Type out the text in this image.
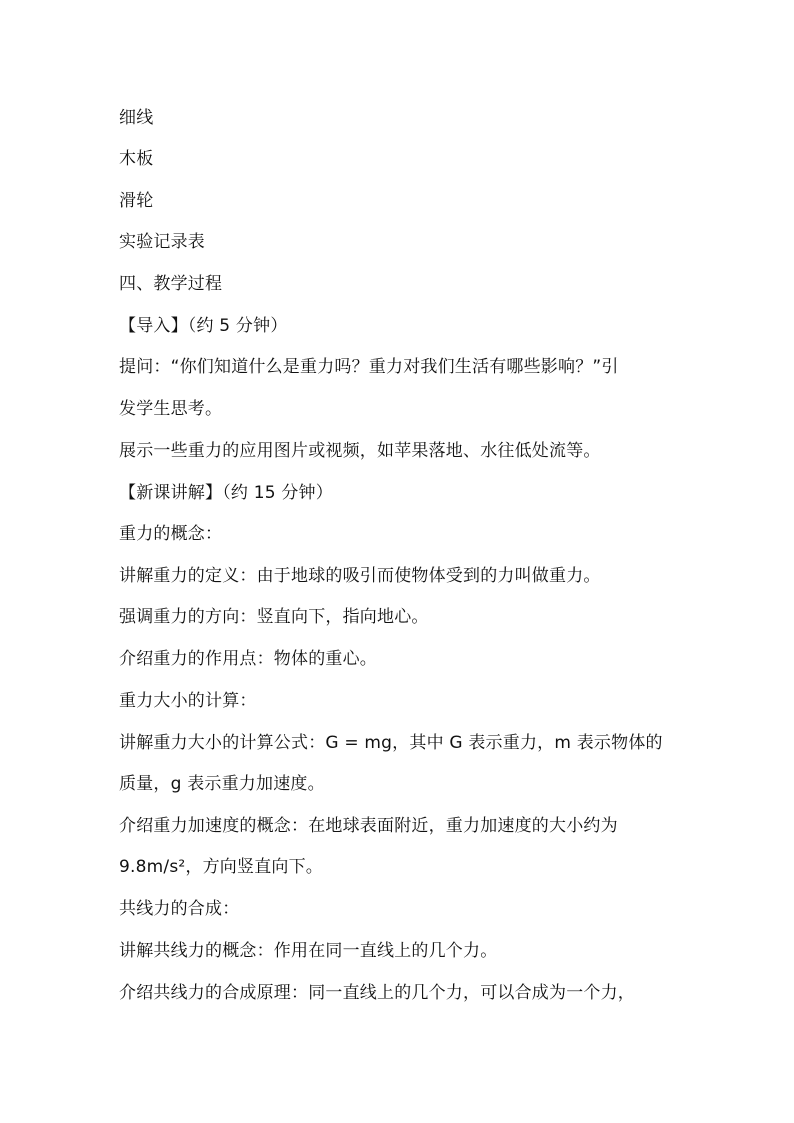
细线
木板
滑轮
实验记录表
四、教学过程
【导入】（约 5 分钟）
提问：“你们知道什么是重力吗？重力对我们生活有哪些影响？”引
发学生思考。
展示一些重力的应用图片或视频，如苹果落地、水往低处流等。
【新课讲解】（约 15 分钟）
重力的概念：
讲解重力的定义：由于地球的吸引而使物体受到的力叫做重力。
强调重力的方向：竖直向下，指向地心。
介绍重力的作用点：物体的重心。
重力大小的计算：
讲解重力大小的计算公式：G = mg，其中 G 表示重力，m 表示物体的
质量，g 表示重力加速度。
介绍重力加速度的概念：在地球表面附近，重力加速度的大小约为
9.8m/s²，方向竖直向下。
共线力的合成：
讲解共线力的概念：作用在同一直线上的几个力。
介绍共线力的合成原理：同一直线上的几个力，可以合成为一个力，
